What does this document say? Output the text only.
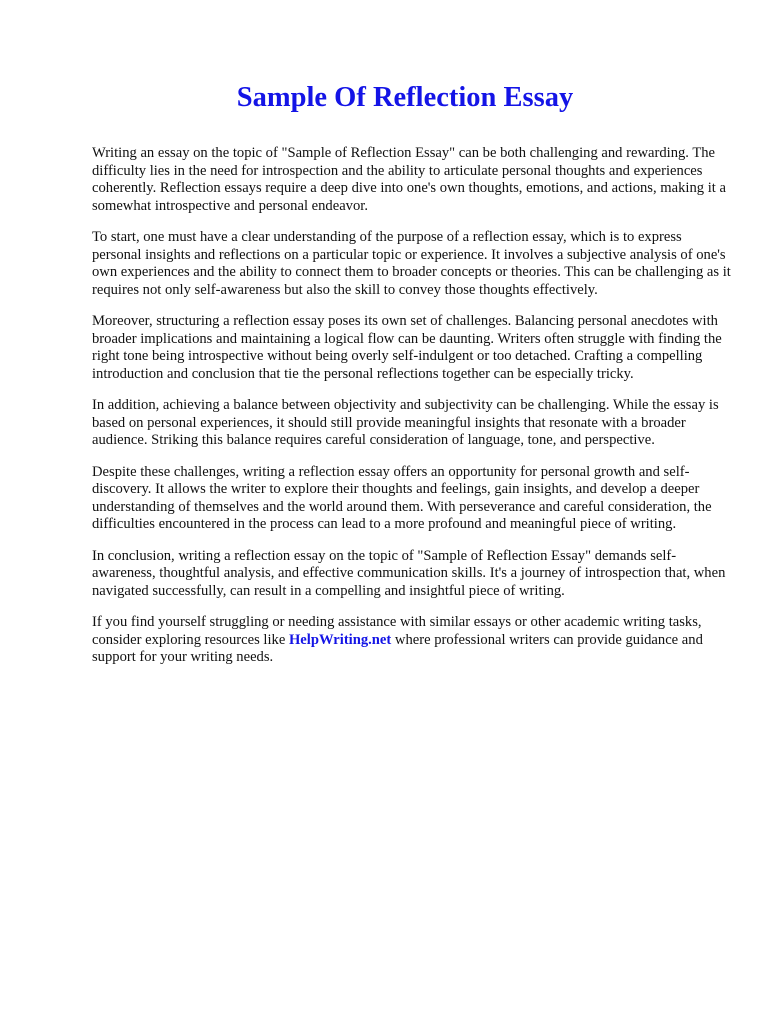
Sample Of Reflection Essay

Writing an essay on the topic of "Sample of Reflection Essay" can be both challenging and rewarding. The difficulty lies in the need for introspection and the ability to articulate personal thoughts and experiences coherently. Reflection essays require a deep dive into one's own thoughts, emotions, and actions, making it a somewhat introspective and personal endeavor.

To start, one must have a clear understanding of the purpose of a reflection essay, which is to express personal insights and reflections on a particular topic or experience. It involves a subjective analysis of one's own experiences and the ability to connect them to broader concepts or theories. This can be challenging as it requires not only self-awareness but also the skill to convey those thoughts effectively.

Moreover, structuring a reflection essay poses its own set of challenges. Balancing personal anecdotes with broader implications and maintaining a logical flow can be daunting. Writers often struggle with finding the right tone being introspective without being overly self-indulgent or too detached. Crafting a compelling introduction and conclusion that tie the personal reflections together can be especially tricky.

In addition, achieving a balance between objectivity and subjectivity can be challenging. While the essay is based on personal experiences, it should still provide meaningful insights that resonate with a broader audience. Striking this balance requires careful consideration of language, tone, and perspective.

Despite these challenges, writing a reflection essay offers an opportunity for personal growth and self-discovery. It allows the writer to explore their thoughts and feelings, gain insights, and develop a deeper understanding of themselves and the world around them. With perseverance and careful consideration, the difficulties encountered in the process can lead to a more profound and meaningful piece of writing.

In conclusion, writing a reflection essay on the topic of "Sample of Reflection Essay" demands self-awareness, thoughtful analysis, and effective communication skills. It's a journey of introspection that, when navigated successfully, can result in a compelling and insightful piece of writing.

If you find yourself struggling or needing assistance with similar essays or other academic writing tasks, consider exploring resources like HelpWriting.net where professional writers can provide guidance and support for your writing needs.
